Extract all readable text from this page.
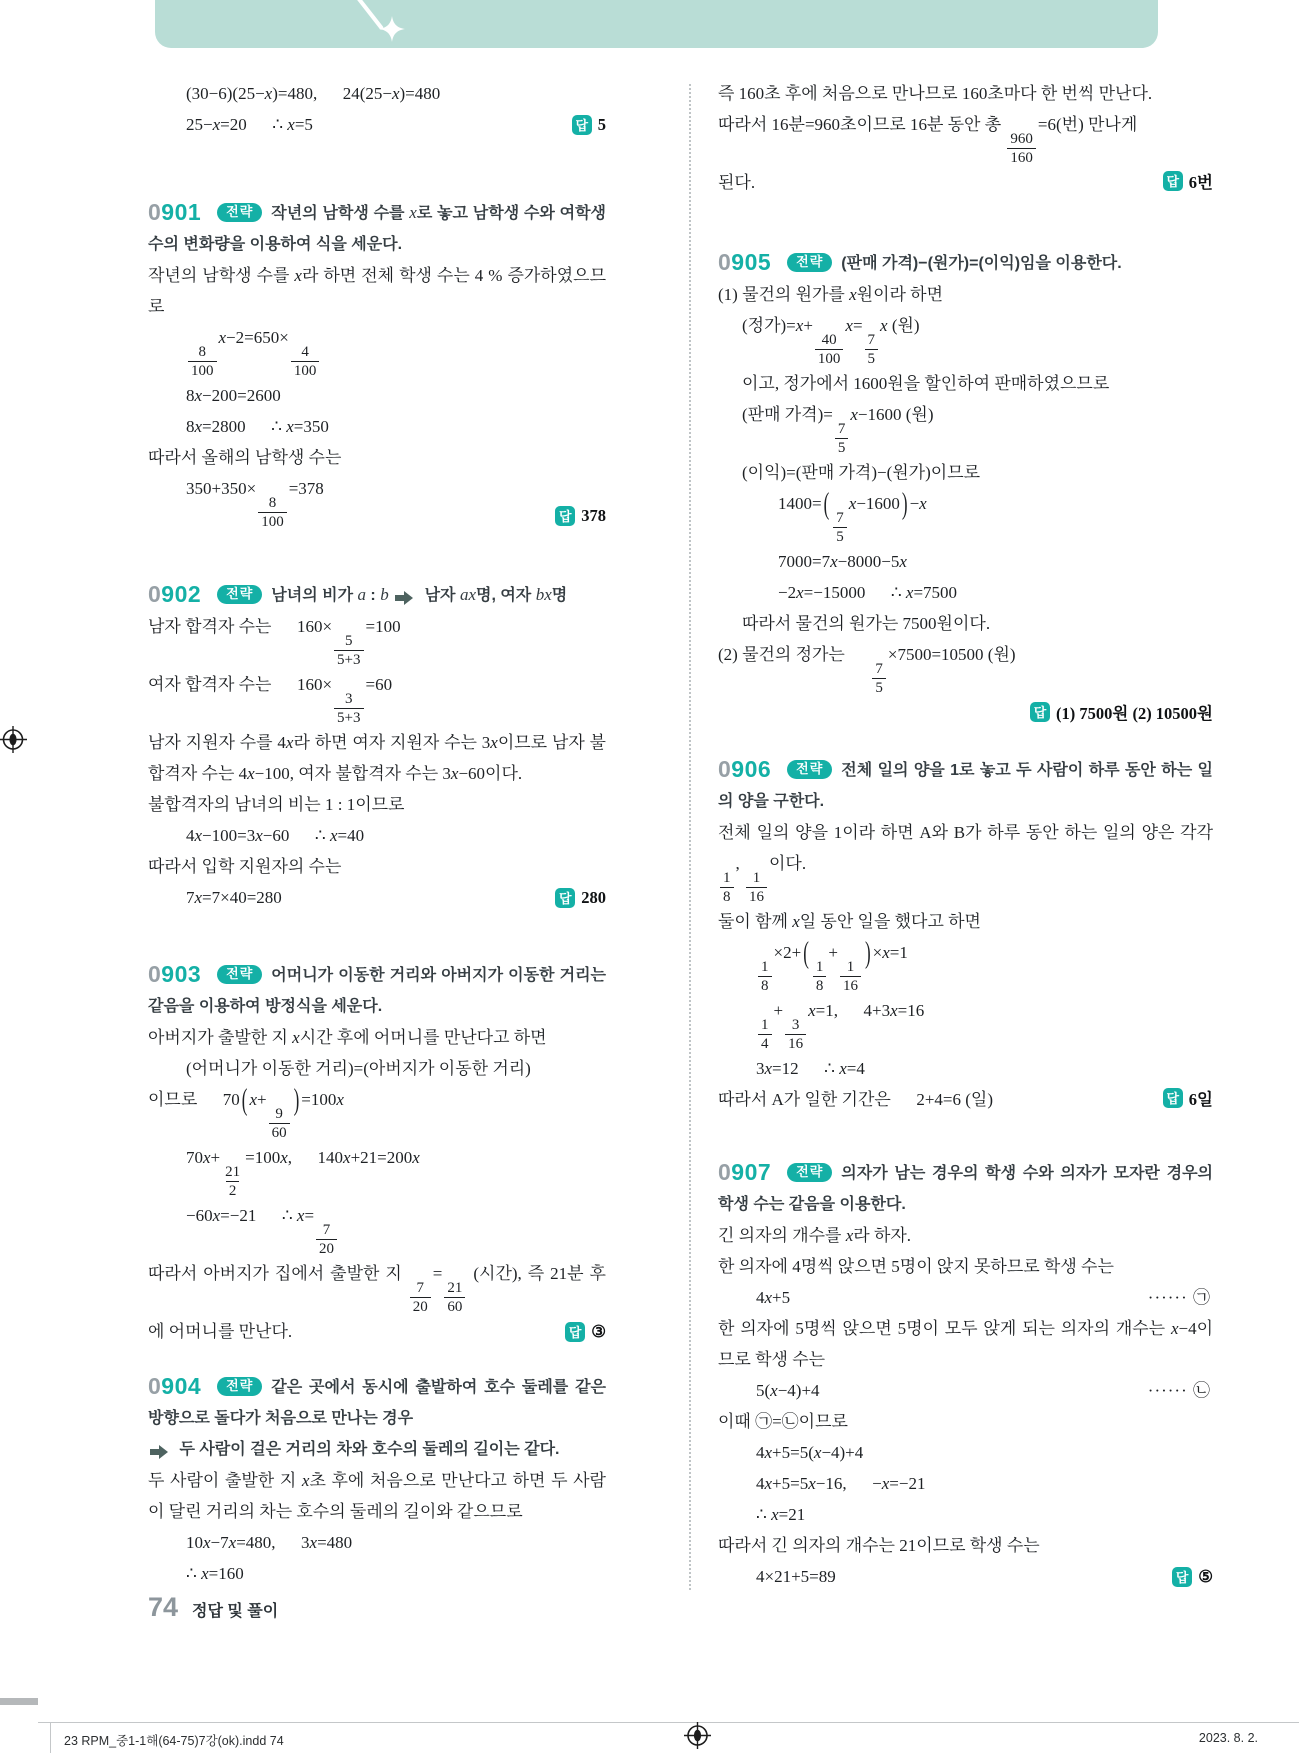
(30−6)(25−x)=480,      24(25−x)=480
25−x=20      ∴ x=5	답 5
0901 전략 작년의 남학생 수를 x로 놓고 남학생 수와 여학생 수의 변화량을 이용하여 식을 세운다.
작년의 남학생 수를 x라 하면 전체 학생 수는 4 % 증가하였으므로
$\frac{8}{100}$
x−2=650×
$\frac{4}{100}$
8x−200=2600
8x=2800      ∴ x=350
따라서 올해의 남학생 수는
350+350×
$\frac{8}{100}$
=378
답 378
0902 전략 남녀의 비가 a : b
남자 ax명, 여자 bx명
남자 합격자 수는      160×
$\frac{5}{5+3}$
=100
여자 합격자 수는      160×
$\frac{3}{5+3}$
=60
남자 지원자 수를 4x라 하면 여자 지원자 수는 3x이므로 남자 불합격자 수는 4x−100, 여자 불합격자 수는 3x−60이다.
불합격자의 남녀의 비는 1 : 1이므로
4x−100=3x−60      ∴ x=40
따라서 입학 지원자의 수는
7x=7×40=280	답 280
0903 전략 어머니가 이동한 거리와 아버지가 이동한 거리는 같음을 이용하여 방정식을 세운다.
아버지가 출발한 지 x시간 후에 어머니를 만난다고 하면
(어머니가 이동한 거리)=(아버지가 이동한 거리)
이므로      70 ( x+
$\frac{9}{60}$
) =100x
70x+
$\frac{21}{2}$
=100x,      140x+21=200x
−60x=−21      ∴ x=
$\frac{7}{20}$
따라서 아버지가 집에서 출발한 지
$\frac{7}{20}$
=
$\frac{21}{60}$
(시간), 즉 21분 후에 어머니를 만난다.	답 ③
0904 전략 같은 곳에서 동시에 출발하여 호수 둘레를 같은 방향으로 돌다가 처음으로 만나는 경우
두 사람이 걸은 거리의 차와 호수의 둘레의 길이는 같다.
두 사람이 출발한 지 x초 후에 처음으로 만난다고 하면 두 사람이 달린 거리의 차는 호수의 둘레의 길이와 같으므로
10x−7x=480,      3x=480
∴ x=160
즉 160초 후에 처음으로 만나므로 160초마다 한 번씩 만난다.
따라서 16분=960초이므로 16분 동안 총
$\frac{960}{160}$
=6(번) 만나게
된다.	답 6번
0905 전략 (판매 가격)−(원가)=(이익)임을 이용한다.
(1) 물건의 원가를 x원이라 하면
(정가)=x+
$\frac{40}{100}$
x=
$\frac{7}{5}$
x (원)
이고, 정가에서 1600원을 할인하여 판매하였으므로
(판매 가격)=
$\frac{7}{5}$
x−1600 (원)
(이익)=(판매 가격)−(원가)이므로
1400= (
$\frac{7}{5}$
x−1600 ) −x
7000=7x−8000−5x
−2x=−15000      ∴ x=7500
따라서 물건의 원가는 7500원이다.
(2) 물건의 정가는
$\frac{7}{5}$
×7500=10500 (원)
답 (1) 7500원 (2) 10500원
0906 전략 전체 일의 양을 1로 놓고 두 사람이 하루 동안 하는 일의 양을 구한다.
전체 일의 양을 1이라 하면 A와 B가 하루 동안 하는 일의 양은 각각
$\frac{1}{8}$
,
$\frac{1}{16}$
이다.
둘이 함께 x일 동안 일을 했다고 하면
$\frac{1}{8}$
×2+ (
$\frac{1}{8}$
+
$\frac{1}{16}$
) ×x=1
$\frac{1}{4}$
+
$\frac{3}{16}$
x=1,      4+3x=16
3x=12      ∴ x=4
따라서 A가 일한 기간은      2+4=6 (일)	답 6일
0907 전략 의자가 남는 경우의 학생 수와 의자가 모자란 경우의 학생 수는 같음을 이용한다.
긴 의자의 개수를 x라 하자.
한 의자에 4명씩 앉으면 5명이 앉지 못하므로 학생 수는
4x+5	······ ㉠
한 의자에 5명씩 앉으면 5명이 모두 앉게 되는 의자의 개수는 x−4이므로 학생 수는
5(x−4)+4	······ ㉡
이때 ㉠=㉡이므로
4x+5=5(x−4)+4
4x+5=5x−16,      −x=−21
∴ x=21
따라서 긴 의자의 개수는 21이므로 학생 수는
4×21+5=89	답 ⑤
74 정답 및 풀이
23 RPM_중1-1해(64-75)7강(ok).indd 74	2023. 8. 2.
